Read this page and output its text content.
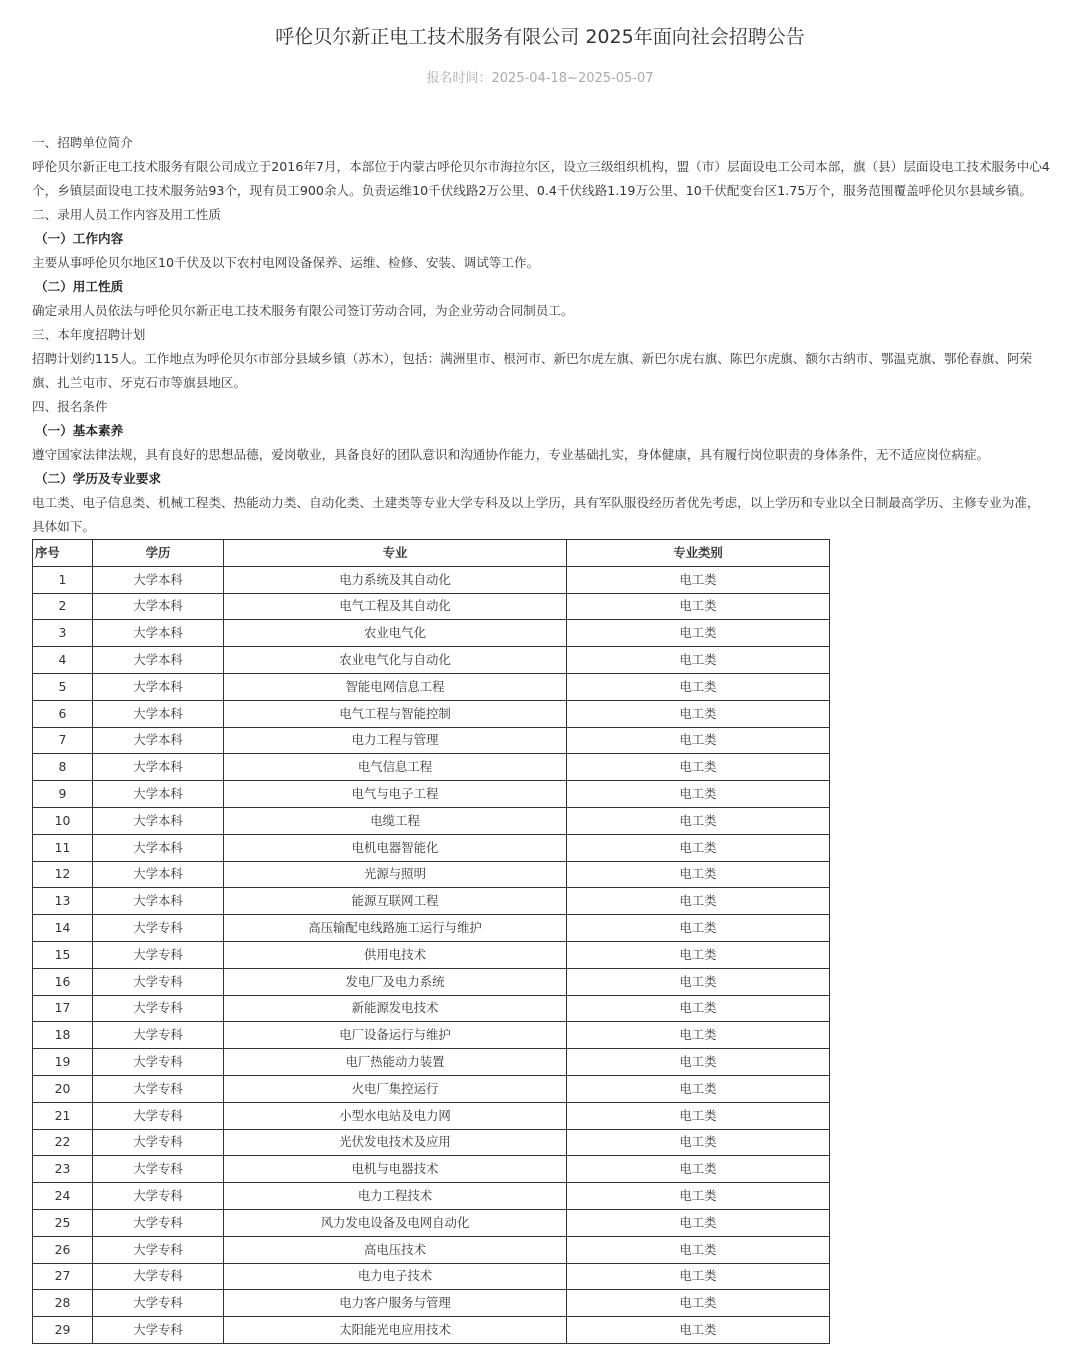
呼伦贝尔新正电工技术服务有限公司 2025年面向社会招聘公告
报名时间：2025-04-18~2025-05-07

一、招聘单位简介

呼伦贝尔新正电工技术服务有限公司成立于2016年7月，本部位于内蒙古呼伦贝尔市海拉尔区，设立三级组织机构，盟（市）层面设电工公司本部，旗（县）层面设电工技术服务中心4个，乡镇层面设电工技术服务站93个，现有员工900余人。负责运维10千伏线路2万公里、0.4千伏线路1.19万公里、10千伏配变台区1.75万个，服务范围覆盖呼伦贝尔县域乡镇。

二、录用人员工作内容及用工性质

（一）工作内容

主要从事呼伦贝尔地区10千伏及以下农村电网设备保养、运维、检修、安装、调试等工作。

（二）用工性质

确定录用人员依法与呼伦贝尔新正电工技术服务有限公司签订劳动合同，为企业劳动合同制员工。

三、本年度招聘计划

招聘计划约115人。工作地点为呼伦贝尔市部分县域乡镇（苏木），包括：满洲里市、根河市、新巴尔虎左旗、新巴尔虎右旗、陈巴尔虎旗、额尔古纳市、鄂温克旗、鄂伦春旗、阿荣旗、扎兰屯市、牙克石市等旗县地区。

四、报名条件

（一）基本素养

遵守国家法律法规，具有良好的思想品德，爱岗敬业，具备良好的团队意识和沟通协作能力，专业基础扎实，身体健康，具有履行岗位职责的身体条件，无不适应岗位病症。

（二）学历及专业要求

电工类、电子信息类、机械工程类、热能动力类、自动化类、土建类等专业大学专科及以上学历，具有军队服役经历者优先考虑，以上学历和专业以全日制最高学历、主修专业为准，具体如下。

序号	学历	专业	专业类别
1	大学本科	电力系统及其自动化	电工类
2	大学本科	电气工程及其自动化	电工类
3	大学本科	农业电气化	电工类
4	大学本科	农业电气化与自动化	电工类
5	大学本科	智能电网信息工程	电工类
6	大学本科	电气工程与智能控制	电工类
7	大学本科	电力工程与管理	电工类
8	大学本科	电气信息工程	电工类
9	大学本科	电气与电子工程	电工类
10	大学本科	电缆工程	电工类
11	大学本科	电机电器智能化	电工类
12	大学本科	光源与照明	电工类
13	大学本科	能源互联网工程	电工类
14	大学专科	高压输配电线路施工运行与维护	电工类
15	大学专科	供用电技术	电工类
16	大学专科	发电厂及电力系统	电工类
17	大学专科	新能源发电技术	电工类
18	大学专科	电厂设备运行与维护	电工类
19	大学专科	电厂热能动力装置	电工类
20	大学专科	火电厂集控运行	电工类
21	大学专科	小型水电站及电力网	电工类
22	大学专科	光伏发电技术及应用	电工类
23	大学专科	电机与电器技术	电工类
24	大学专科	电力工程技术	电工类
25	大学专科	风力发电设备及电网自动化	电工类
26	大学专科	高电压技术	电工类
27	大学专科	电力电子技术	电工类
28	大学专科	电力客户服务与管理	电工类
29	大学专科	太阳能光电应用技术	电工类
